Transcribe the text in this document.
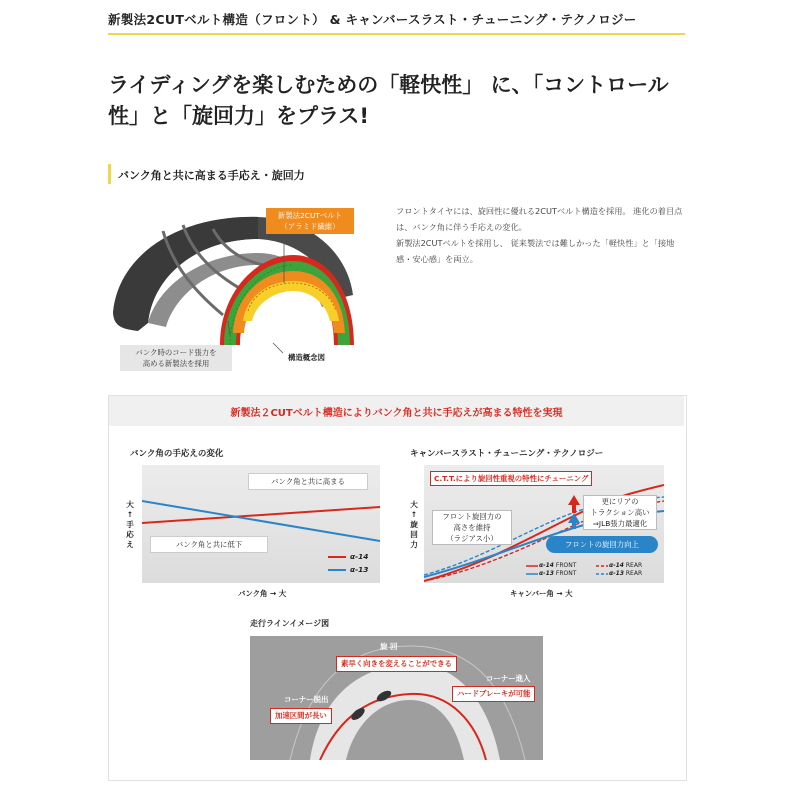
新製法2CUTベルト構造（フロント） & キャンバースラスト・チューニング・テクノロジー
ライディングを楽しむための「軽快性」 に、「コントロール
性」と「旋回力」をプラス!
バンク角と共に高まる手応え・旋回力
新製法2CUTベルト
（アラミド繊維）
バンク時のコード張力を
高める新製法を採用
構造概念図
フロントタイヤには、旋回性に優れる2CUTベルト構造を採用。 進化の着目点は、バンク角に伴う手応えの変化。
新製法2CUTベルトを採用し、 従来製法では難しかった「軽快性」と「接地感・安心感」を両立。
新製法２CUTベルト構造によりバンク角と共に手応えが高まる特性を実現
バンク角の手応えの変化
大↑手応え
バンク角と共に高まる
バンク角と共に低下
α-14
α-13
バンク角 → 大
キャンバースラスト・チューニング・テクノロジー
大↑旋回力
C.T.T.により旋回性重視の特性にチューニング
フロント旋回力の
高さを維持
（ラジアス小）
更にリアの
トラクション高い
⇒JLB張力最適化
フロントの旋回力向上
α-14 FRONT
α-13 FRONT
α-14 REAR
α-13 REAR
キャンバー角 → 大
走行ラインイメージ図
旋 回
素早く向きを変えることができる
コーナー進入
ハードブレーキが可能
コーナー脱出
加速区間が長い
